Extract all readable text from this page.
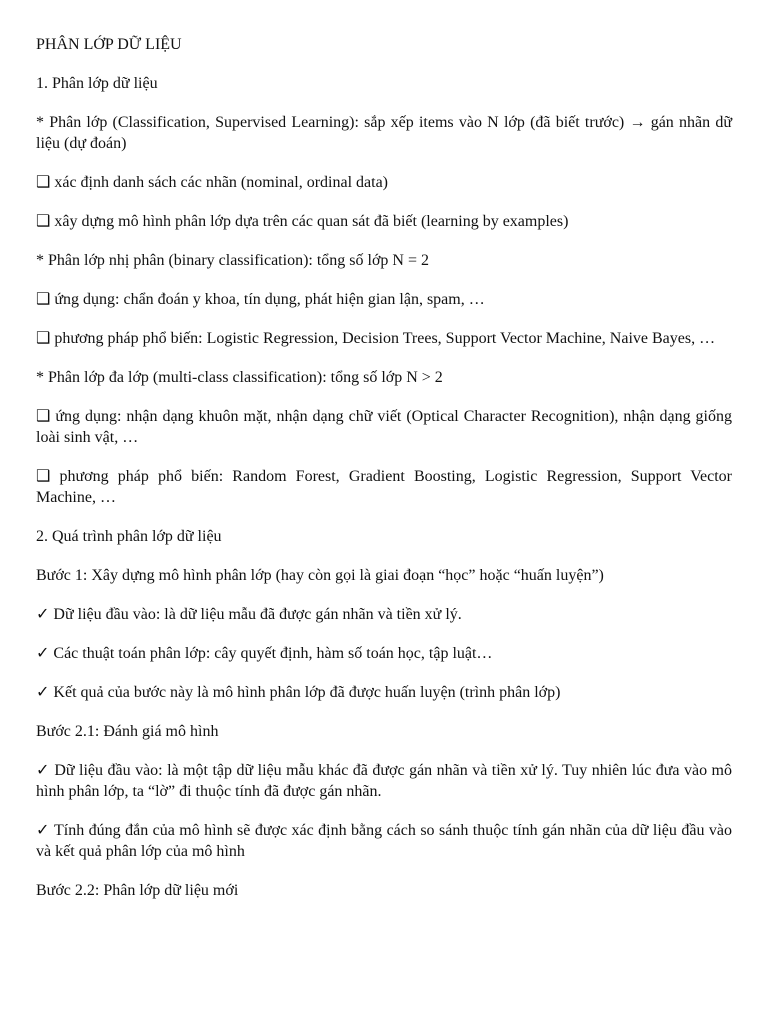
PHÂN LỚP DỮ LIỆU

1. Phân lớp dữ liệu

* Phân lớp (Classification, Supervised Learning): sắp xếp items vào N lớp (đã biết trước) → gán nhãn dữ liệu (dự đoán)

❑ xác định danh sách các nhãn (nominal, ordinal data)

❑ xây dựng mô hình phân lớp dựa trên các quan sát đã biết (learning by examples)

* Phân lớp nhị phân (binary classification): tổng số lớp N = 2

❑ ứng dụng: chẩn đoán y khoa, tín dụng, phát hiện gian lận, spam, …

❑ phương pháp phổ biến: Logistic Regression, Decision Trees, Support Vector Machine, Naive Bayes, …

* Phân lớp đa lớp (multi-class classification): tổng số lớp N > 2

❑ ứng dụng: nhận dạng khuôn mặt, nhận dạng chữ viết (Optical Character Recognition), nhận dạng giống loài sinh vật, …

❑ phương pháp phổ biến: Random Forest, Gradient Boosting, Logistic Regression, Support Vector Machine, …

2. Quá trình phân lớp dữ liệu

Bước 1: Xây dựng mô hình phân lớp (hay còn gọi là giai đoạn “học” hoặc “huấn luyện”)

✓ Dữ liệu đầu vào: là dữ liệu mẫu đã được gán nhãn và tiền xử lý.

✓ Các thuật toán phân lớp: cây quyết định, hàm số toán học, tập luật…

✓ Kết quả của bước này là mô hình phân lớp đã được huấn luyện (trình phân lớp)

Bước 2.1: Đánh giá mô hình

✓ Dữ liệu đầu vào: là một tập dữ liệu mẫu khác đã được gán nhãn và tiền xử lý. Tuy nhiên lúc đưa vào mô hình phân lớp, ta “lờ” đi thuộc tính đã được gán nhãn.

✓ Tính đúng đắn của mô hình sẽ được xác định bằng cách so sánh thuộc tính gán nhãn của dữ liệu đầu vào và kết quả phân lớp của mô hình

Bước 2.2: Phân lớp dữ liệu mới
